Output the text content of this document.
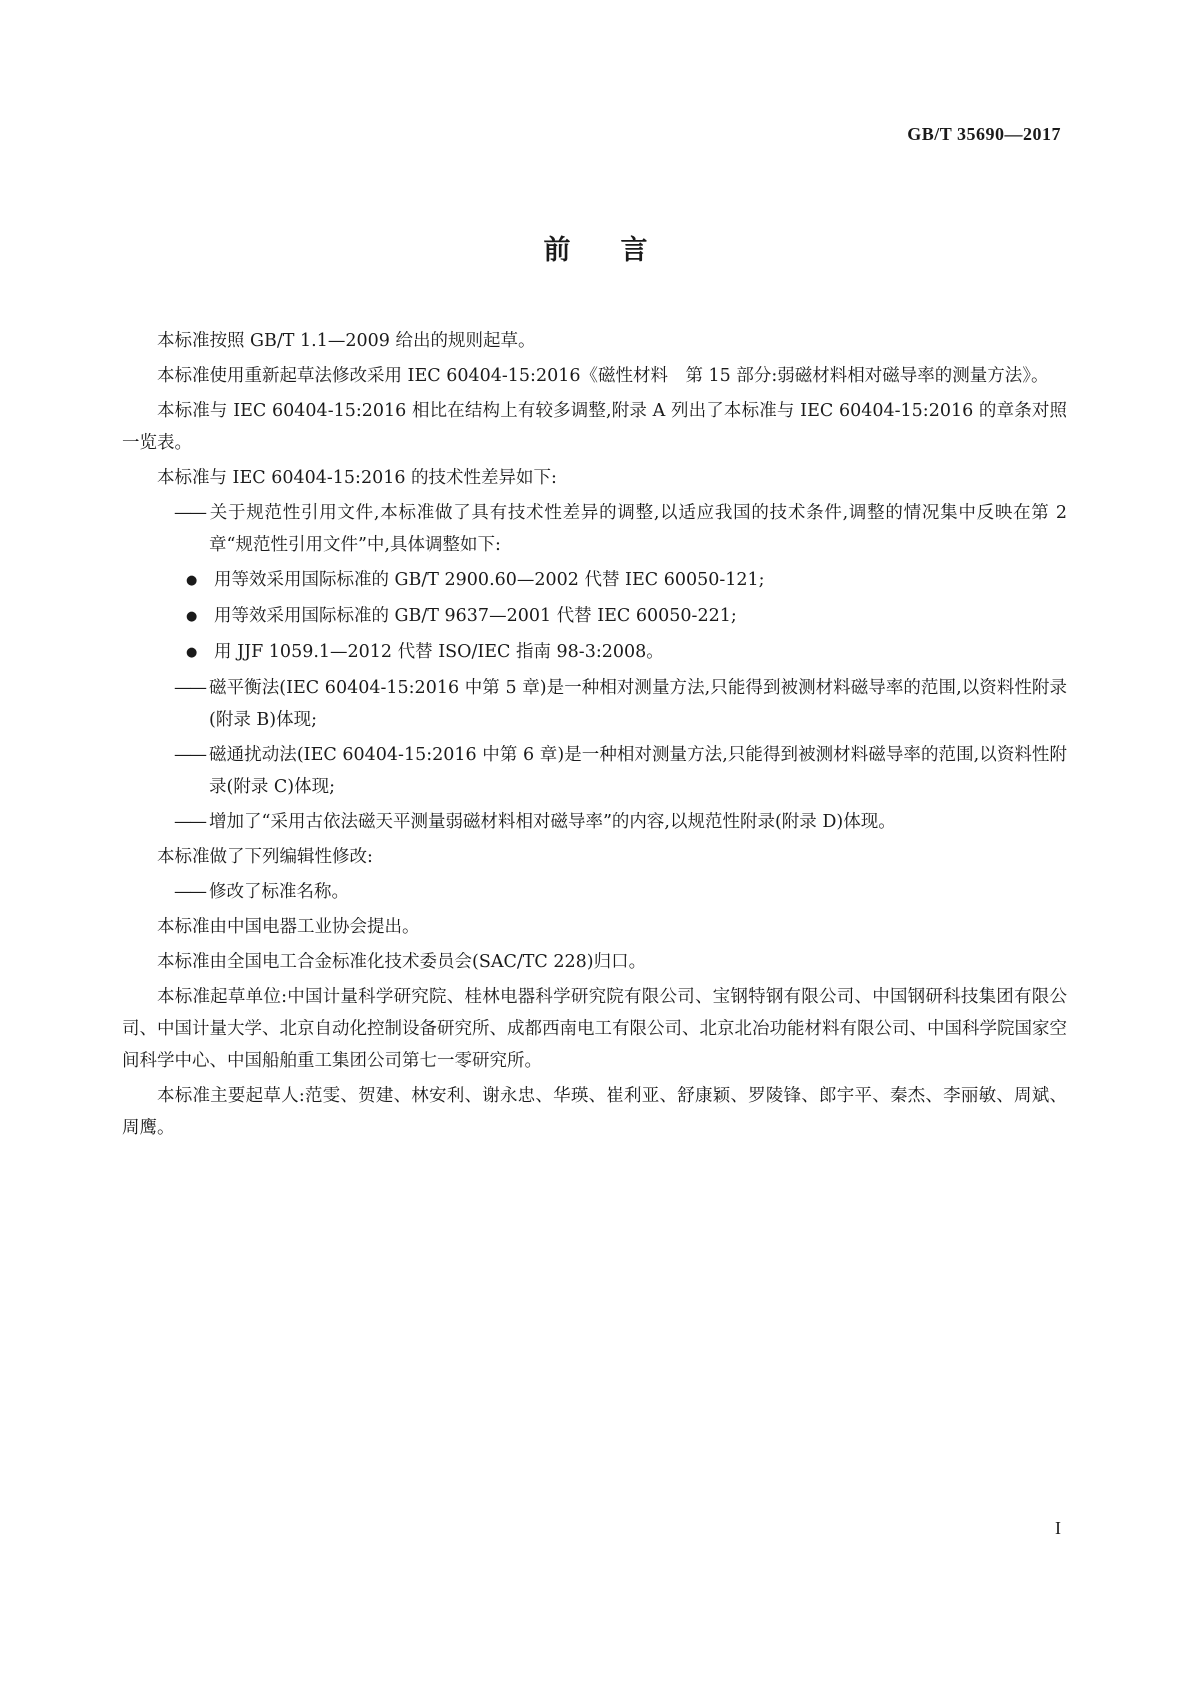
GB/T 35690—2017
前言

本标准按照 GB/T 1.1—2009 给出的规则起草。

本标准使用重新起草法修改采用 IEC 60404-15:2016《磁性材料　第 15 部分:弱磁材料相对磁导率的测量方法》。

本标准与 IEC 60404-15:2016 相比在结构上有较多调整,附录 A 列出了本标准与 IEC 60404-15:2016 的章条对照一览表。

本标准与 IEC 60404-15:2016 的技术性差异如下:

—— 关于规范性引用文件,本标准做了具有技术性差异的调整,以适应我国的技术条件,调整的情况集中反映在第 2 章“规范性引用文件”中,具体调整如下:

● 用等效采用国际标准的 GB/T 2900.60—2002 代替 IEC 60050-121;

● 用等效采用国际标准的 GB/T 9637—2001 代替 IEC 60050-221;

● 用 JJF 1059.1—2012 代替 ISO/IEC 指南 98-3:2008。

—— 磁平衡法(IEC 60404-15:2016 中第 5 章)是一种相对测量方法,只能得到被测材料磁导率的范围,以资料性附录(附录 B)体现;

—— 磁通扰动法(IEC 60404-15:2016 中第 6 章)是一种相对测量方法,只能得到被测材料磁导率的范围,以资料性附录(附录 C)体现;

—— 增加了“采用古依法磁天平测量弱磁材料相对磁导率”的内容,以规范性附录(附录 D)体现。

本标准做了下列编辑性修改:

—— 修改了标准名称。

本标准由中国电器工业协会提出。

本标准由全国电工合金标准化技术委员会(SAC/TC 228)归口。

本标准起草单位:中国计量科学研究院、桂林电器科学研究院有限公司、宝钢特钢有限公司、中国钢研科技集团有限公司、中国计量大学、北京自动化控制设备研究所、成都西南电工有限公司、北京北冶功能材料有限公司、中国科学院国家空间科学中心、中国船舶重工集团公司第七一零研究所。

本标准主要起草人:范雯、贺建、林安利、谢永忠、华瑛、崔利亚、舒康颖、罗陵锋、郎宇平、秦杰、李丽敏、周斌、周鹰。

I
